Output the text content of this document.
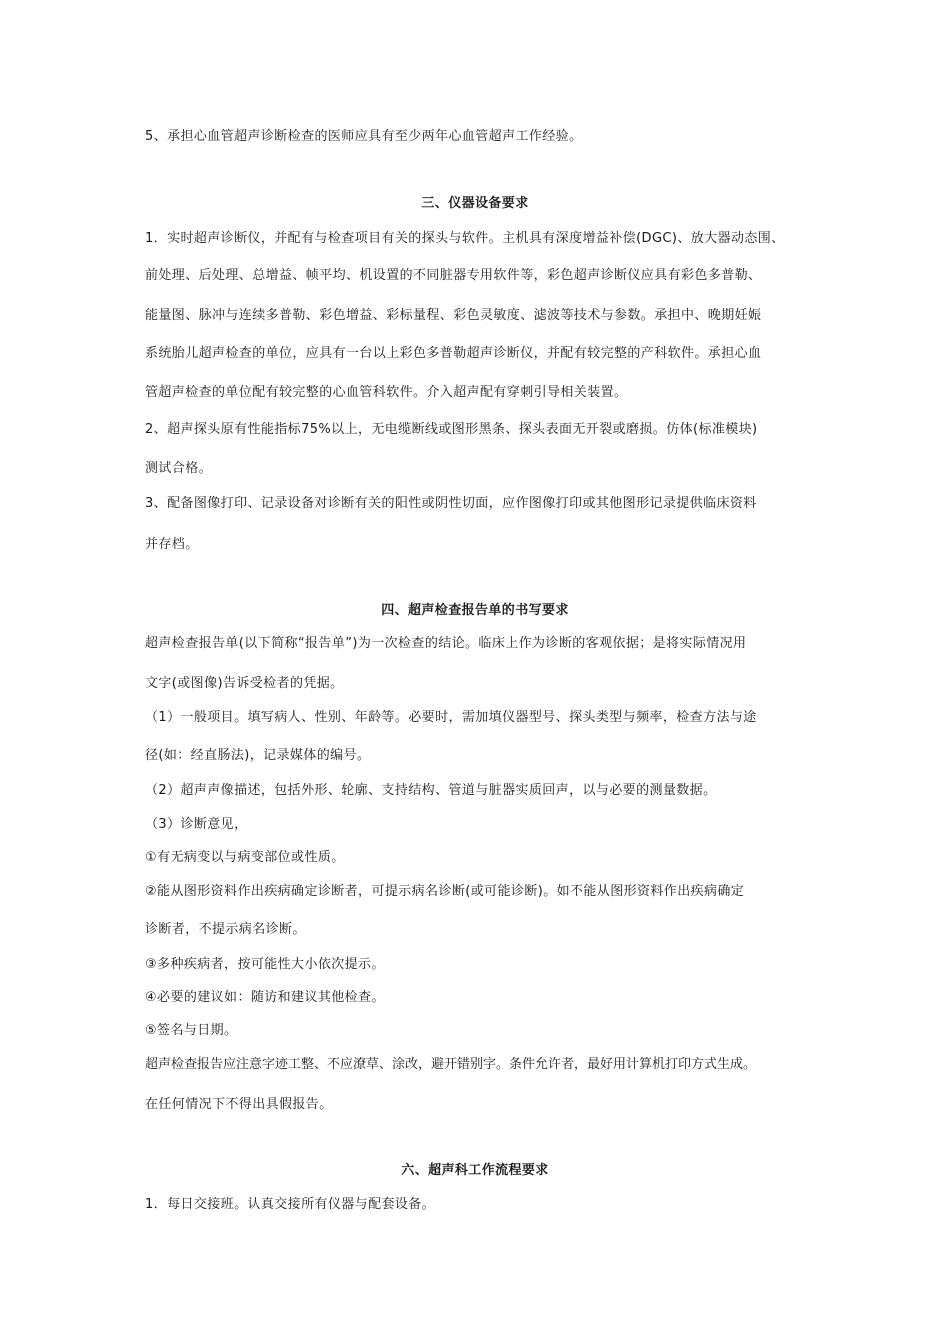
5、承担心血管超声诊断检查的医师应具有至少两年心血管超声工作经验。
三、仪器设备要求
1．实时超声诊断仪，并配有与检查项目有关的探头与软件。主机具有深度增益补偿(DGC)、放大器动态围、
前处理、后处理、总增益、帧平均、机设置的不同脏器专用软件等，彩色超声诊断仪应具有彩色多普勒、
能量图、脉冲与连续多普勒、彩色增益、彩标量程、彩色灵敏度、滤波等技术与参数。承担中、晚期妊娠
系统胎儿超声检查的单位，应具有一台以上彩色多普勒超声诊断仪，并配有较完整的产科软件。承担心血
管超声检查的单位配有较完整的心血管科软件。介入超声配有穿刺引导相关装置。
2、超声探头原有性能指标75%以上，无电缆断线或图形黑条、探头表面无开裂或磨损。仿体(标准模块)
测试合格。
3、配备图像打印、记录设备对诊断有关的阳性或阴性切面，应作图像打印或其他图形记录提供临床资料
并存档。
四、超声检查报告单的书写要求
超声检查报告单(以下简称“报告单”)为一次检查的结论。临床上作为诊断的客观依据；是将实际情况用
文字(或图像)告诉受检者的凭据。
（1）一般项目。填写病人、性别、年龄等。必要时，需加填仪器型号、探头类型与频率，检查方法与途
径(如：经直肠法)，记录媒体的编号。
（2）超声声像描述，包括外形、轮廓、支持结构、管道与脏器实质回声，以与必要的测量数据。
（3）诊断意见，
①有无病变以与病变部位或性质。
②能从图形资料作出疾病确定诊断者，可提示病名诊断(或可能诊断)。如不能从图形资料作出疾病确定
诊断者，不提示病名诊断。
③多种疾病者，按可能性大小依次提示。
④必要的建议如：随访和建议其他检查。
⑤签名与日期。
超声检查报告应注意字迹工整、不应潦草、涂改，避开错别字。条件允许者，最好用计算机打印方式生成。
在任何情况下不得出具假报告。
六、超声科工作流程要求
1．每日交接班。认真交接所有仪器与配套设备。
